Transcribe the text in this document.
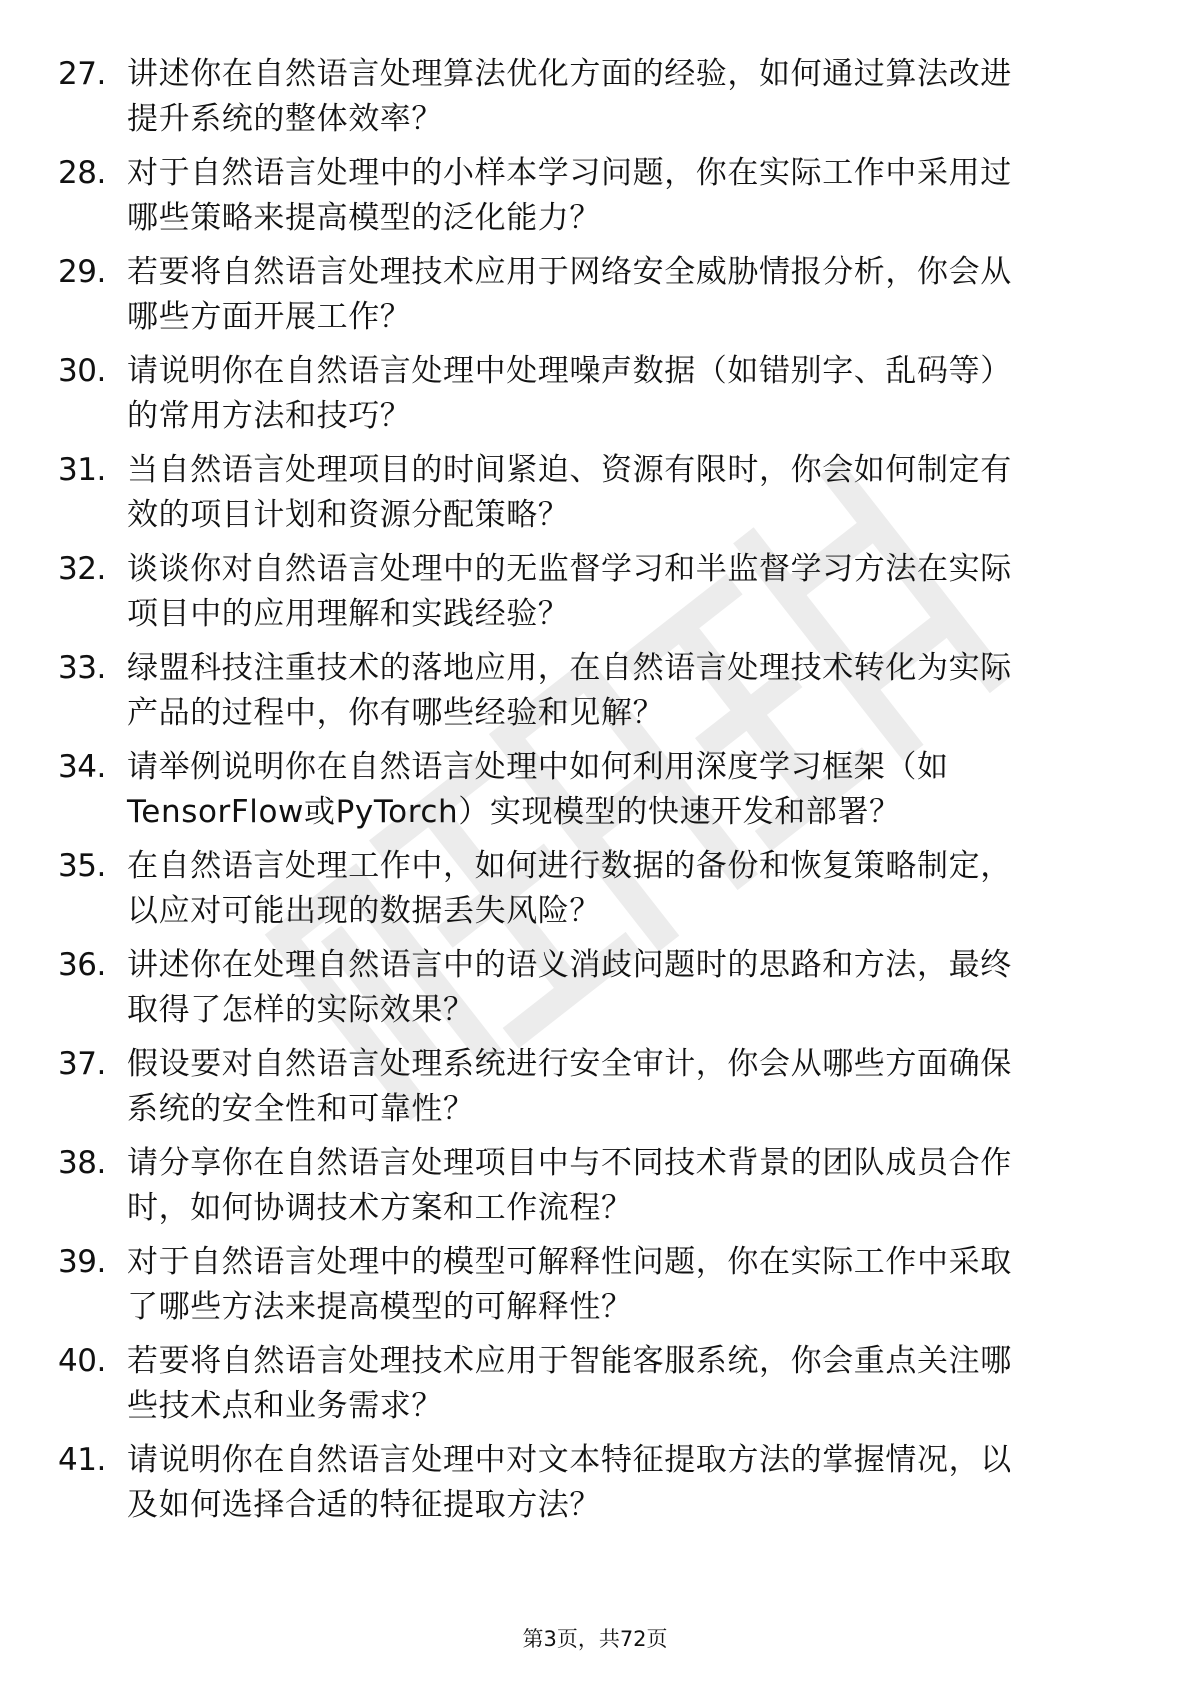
27. 讲述你在自然语言处理算法优化方面的经验，如何通过算法改进
提升系统的整体效率？
28. 对于自然语言处理中的小样本学习问题，你在实际工作中采用过
哪些策略来提高模型的泛化能力？
29. 若要将自然语言处理技术应用于网络安全威胁情报分析，你会从
哪些方面开展工作？
30. 请说明你在自然语言处理中处理噪声数据（如错别字、乱码等）
的常用方法和技巧？
31. 当自然语言处理项目的时间紧迫、资源有限时，你会如何制定有
效的项目计划和资源分配策略？
32. 谈谈你对自然语言处理中的无监督学习和半监督学习方法在实际
项目中的应用理解和实践经验？
33. 绿盟科技注重技术的落地应用，在自然语言处理技术转化为实际
产品的过程中，你有哪些经验和见解？
34. 请举例说明你在自然语言处理中如何利用深度学习框架（如
TensorFlow或PyTorch）实现模型的快速开发和部署？
35. 在自然语言处理工作中，如何进行数据的备份和恢复策略制定，
以应对可能出现的数据丢失风险？
36. 讲述你在处理自然语言中的语义消歧问题时的思路和方法，最终
取得了怎样的实际效果？
37. 假设要对自然语言处理系统进行安全审计，你会从哪些方面确保
系统的安全性和可靠性？
38. 请分享你在自然语言处理项目中与不同技术背景的团队成员合作
时，如何协调技术方案和工作流程？
39. 对于自然语言处理中的模型可解释性问题，你在实际工作中采取
了哪些方法来提高模型的可解释性？
40. 若要将自然语言处理技术应用于智能客服系统，你会重点关注哪
些技术点和业务需求？
41. 请说明你在自然语言处理中对文本特征提取方法的掌握情况，以
及如何选择合适的特征提取方法？
第3页，共72页
